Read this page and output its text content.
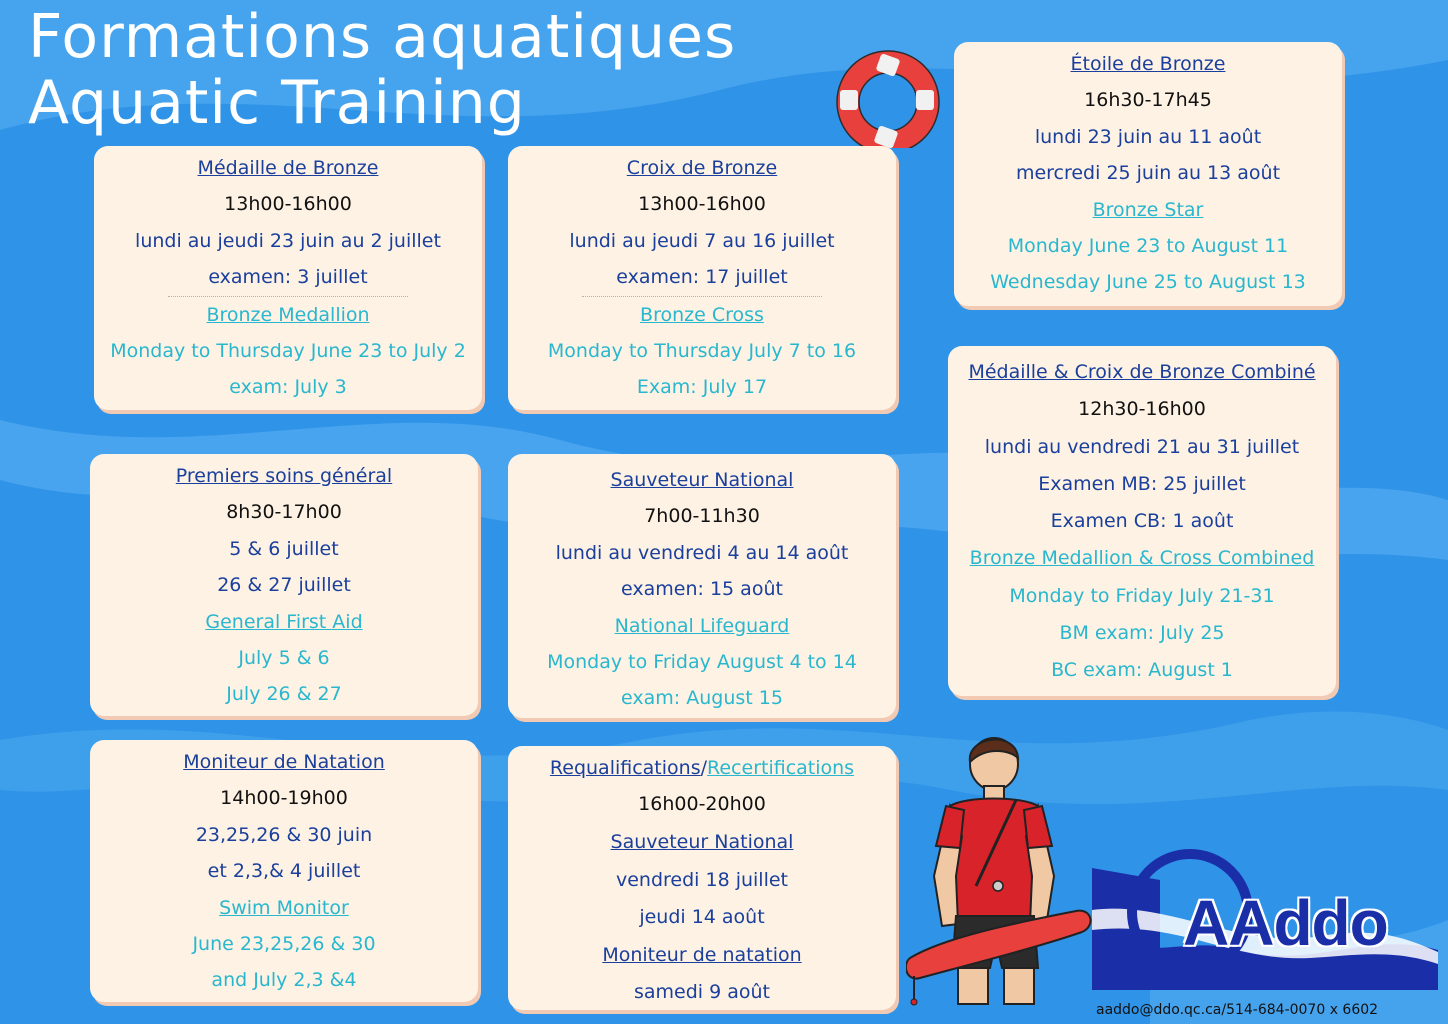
Formations aquatiques
Aquatic Training
Médaille de Bronze
13h00-16h00
lundi au jeudi 23 juin au 2 juillet
examen: 3 juillet
Bronze Medallion
Monday to Thursday June 23 to July 2
exam: July 3
Croix de Bronze
13h00-16h00
lundi au jeudi 7 au 16 juillet
examen: 17 juillet
Bronze Cross
Monday to Thursday July 7 to 16
Exam: July 17
Étoile de Bronze
16h30-17h45
lundi 23 juin au 11 août
mercredi 25 juin au 13 août
Bronze Star
Monday June 23 to August 11
Wednesday June 25 to August 13
Premiers soins général
8h30-17h00
5 & 6 juillet
26 & 27 juillet
General First Aid
July 5 & 6
July 26 & 27
Sauveteur National
7h00-11h30
lundi au vendredi 4 au 14 août
examen: 15 août
National Lifeguard
Monday to Friday August 4 to 14
exam: August 15
Médaille & Croix de Bronze Combiné
12h30-16h00
lundi au vendredi 21 au 31 juillet
Examen MB: 25 juillet
Examen CB: 1 août
Bronze Medallion & Cross Combined
Monday to Friday July 21-31
BM exam: July 25
BC exam: August 1
Moniteur de Natation
14h00-19h00
23,25,26 & 30 juin
et 2,3,& 4 juillet
Swim Monitor
June 23,25,26 & 30
and July 2,3 &4
Requalifications/Recertifications
16h00-20h00
Sauveteur National
vendredi 18 juillet
jeudi 14 août
Moniteur de natation
samedi 9 août
AAddo
aaddo@ddo.qc.ca/514-684-0070 x 6602
